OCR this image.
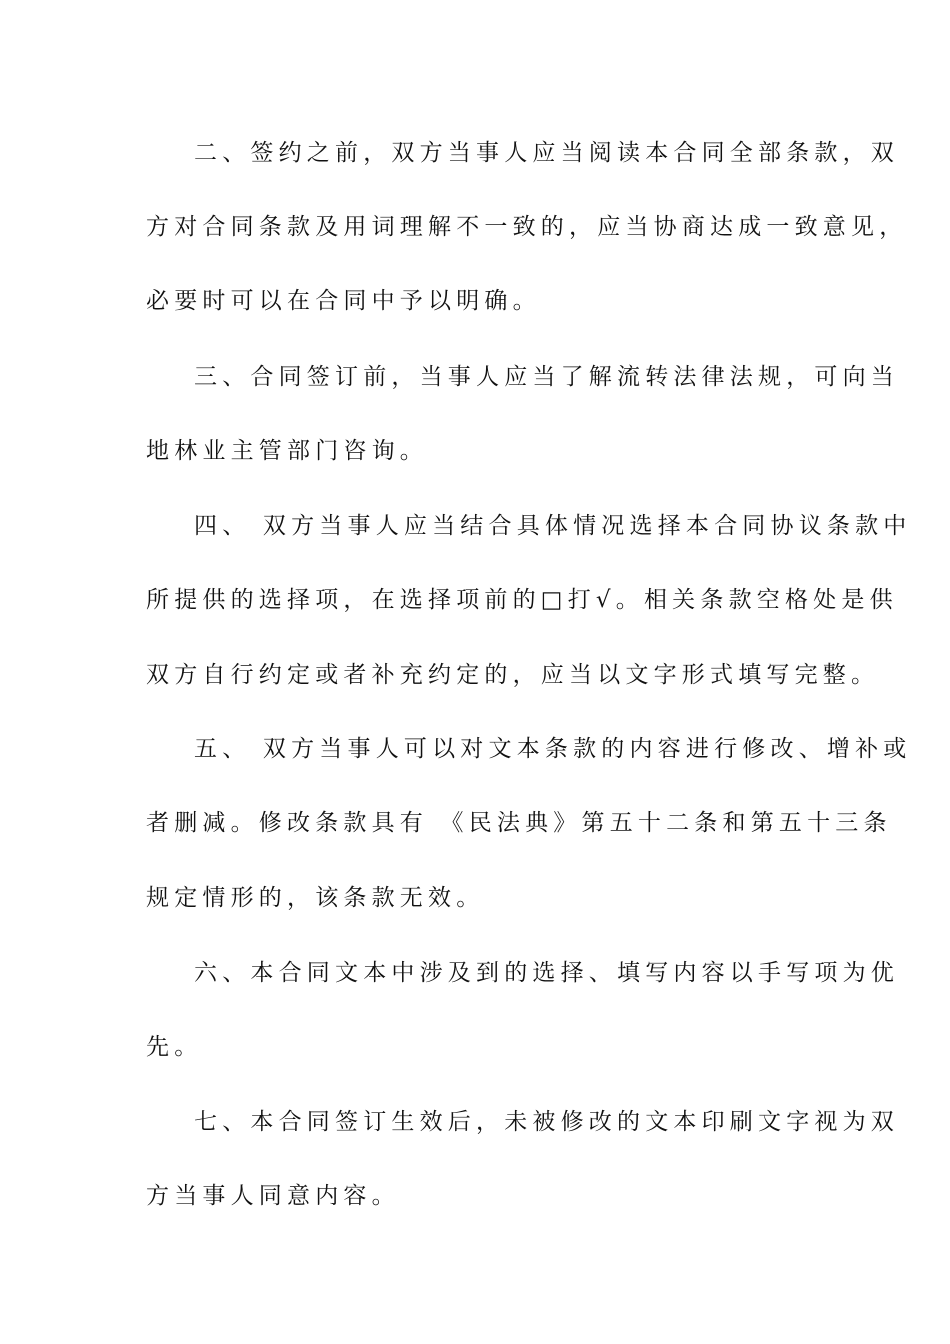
二、签约之前，双方当事人应当阅读本合同全部条款，双
方对合同条款及用词理解不一致的，应当协商达成一致意见，
必要时可以在合同中予以明确。
三、合同签订前，当事人应当了解流转法律法规，可向当
地林业主管部门咨询。
四、 双方当事人应当结合具体情况选择本合同协议条款中
所提供的选择项，在选择项前的□打√。相关条款空格处是供
双方自行约定或者补充约定的，应当以文字形式填写完整。
五、 双方当事人可以对文本条款的内容进行修改、增补或
者删减。修改条款具有 《民法典》第五十二条和第五十三条
规定情形的，该条款无效。
六、本合同文本中涉及到的选择、填写内容以手写项为优
先。
七、本合同签订生效后，未被修改的文本印刷文字视为双
方当事人同意内容。
